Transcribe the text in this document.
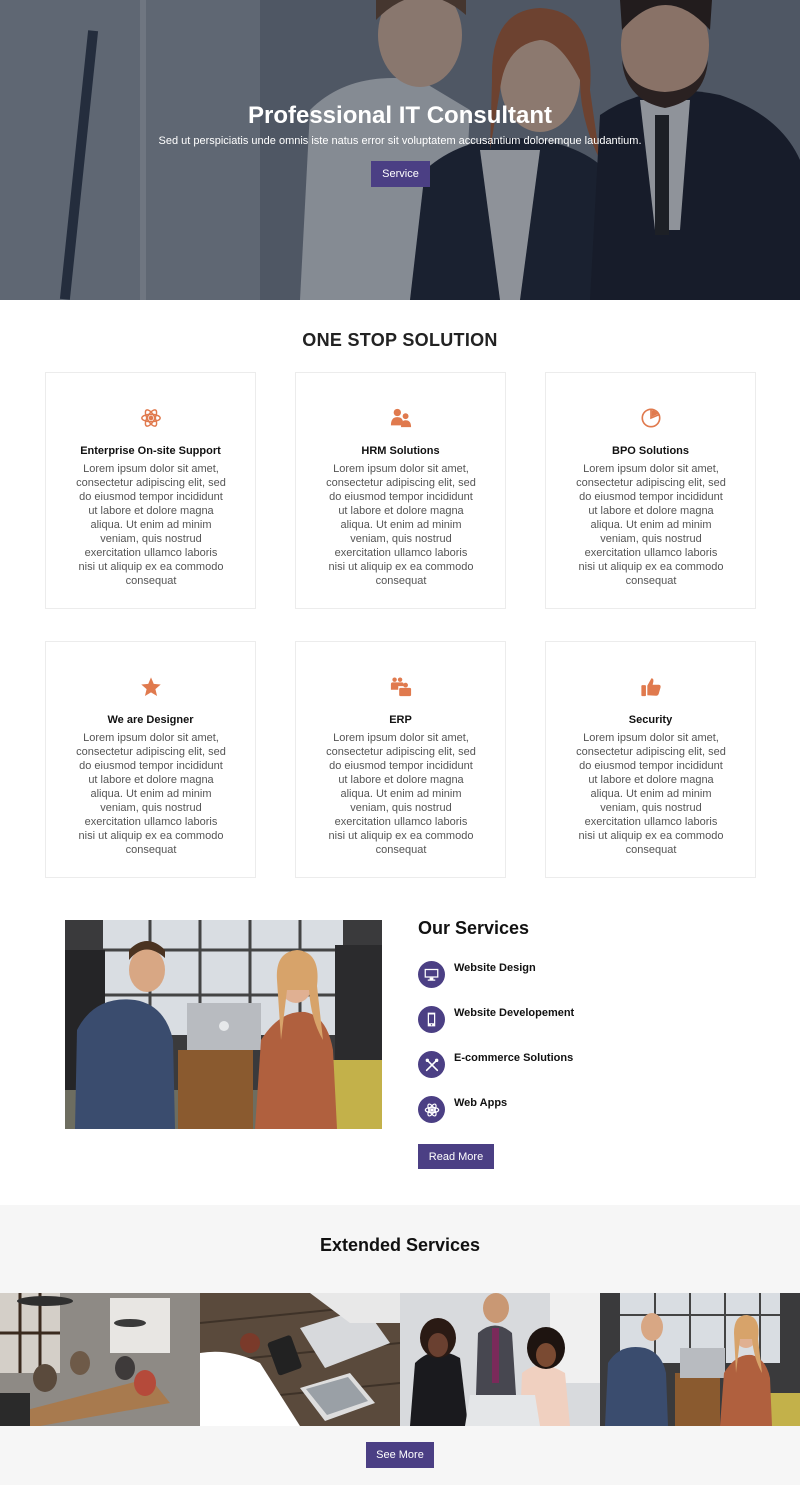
Professional IT Consultant

Sed ut perspiciatis unde omnis iste natus error sit voluptatem accusantium doloremque laudantium.

Service
ONE STOP SOLUTION
Enterprise On-site Support

Lorem ipsum dolor sit amet, consectetur adipiscing elit, sed do eiusmod tempor incididunt ut labore et dolore magna aliqua. Ut enim ad minim veniam, quis nostrud exercitation ullamco laboris nisi ut aliquip ex ea commodo consequat

HRM Solutions

Lorem ipsum dolor sit amet, consectetur adipiscing elit, sed do eiusmod tempor incididunt ut labore et dolore magna aliqua. Ut enim ad minim veniam, quis nostrud exercitation ullamco laboris nisi ut aliquip ex ea commodo consequat

BPO Solutions

Lorem ipsum dolor sit amet, consectetur adipiscing elit, sed do eiusmod tempor incididunt ut labore et dolore magna aliqua. Ut enim ad minim veniam, quis nostrud exercitation ullamco laboris nisi ut aliquip ex ea commodo consequat

We are Designer

Lorem ipsum dolor sit amet, consectetur adipiscing elit, sed do eiusmod tempor incididunt ut labore et dolore magna aliqua. Ut enim ad minim veniam, quis nostrud exercitation ullamco laboris nisi ut aliquip ex ea commodo consequat

ERP

Lorem ipsum dolor sit amet, consectetur adipiscing elit, sed do eiusmod tempor incididunt ut labore et dolore magna aliqua. Ut enim ad minim veniam, quis nostrud exercitation ullamco laboris nisi ut aliquip ex ea commodo consequat

Security

Lorem ipsum dolor sit amet, consectetur adipiscing elit, sed do eiusmod tempor incididunt ut labore et dolore magna aliqua. Ut enim ad minim veniam, quis nostrud exercitation ullamco laboris nisi ut aliquip ex ea commodo consequat

Our Services
Website Design
Website Developement
E-commerce Solutions
Web Apps
Read More
Extended Services
See More
